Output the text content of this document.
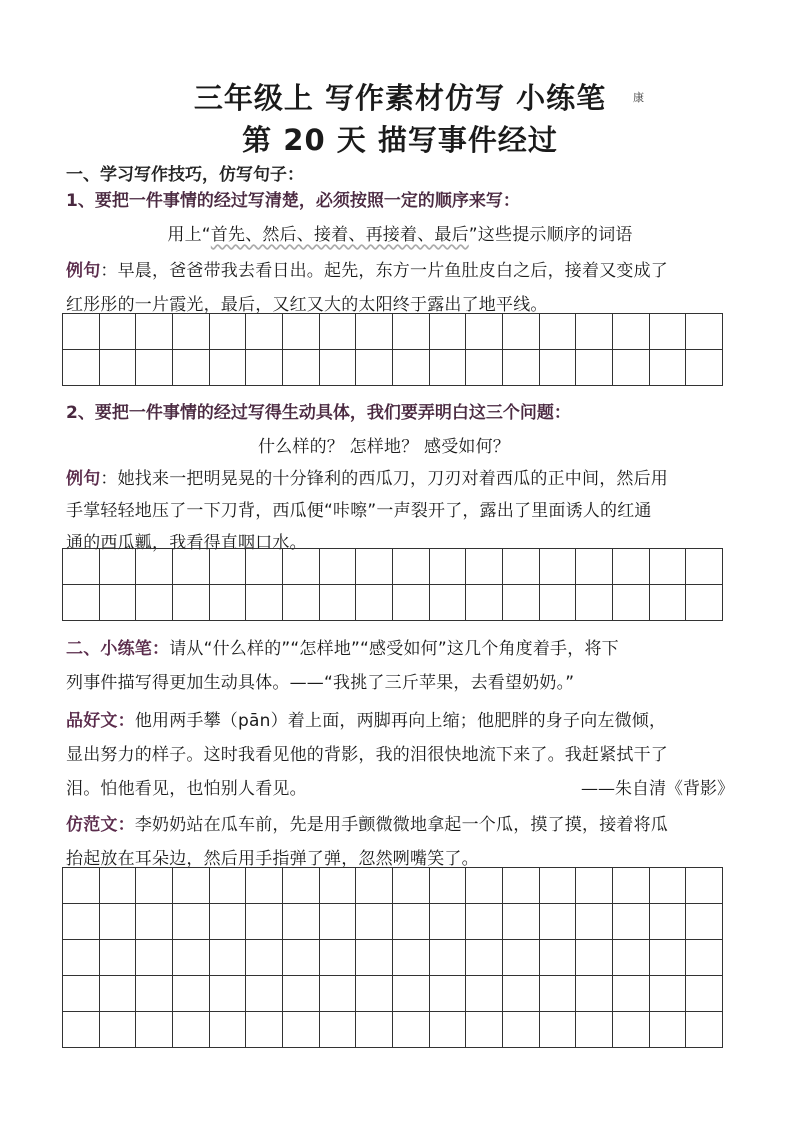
三年级上 写作素材仿写 小练笔	康
第 20 天 描写事件经过
一、学习写作技巧，仿写句子：
1、要把一件事情的经过写清楚，必须按照一定的顺序来写：
用上“首先、然后、接着、再接着、最后”这些提示顺序的词语
例句：早晨，爸爸带我去看日出。起先，东方一片鱼肚皮白之后，接着又变成了
红彤彤的一片霞光，最后，又红又大的太阳终于露出了地平线。
2、要把一件事情的经过写得生动具体，我们要弄明白这三个问题：
什么样的？ 怎样地？ 感受如何？
例句：她找来一把明晃晃的十分锋利的西瓜刀，刀刃对着西瓜的正中间，然后用
手掌轻轻地压了一下刀背，西瓜便“咔嚓”一声裂开了，露出了里面诱人的红通
通的西瓜瓤，我看得直咽口水。
二、小练笔：请从“什么样的”“怎样地”“感受如何”这几个角度着手，将下
列事件描写得更加生动具体。——“我挑了三斤苹果，去看望奶奶。”
品好文：他用两手攀（pān）着上面，两脚再向上缩；他肥胖的身子向左微倾，
显出努力的样子。这时我看见他的背影，我的泪很快地流下来了。我赶紧拭干了
泪。怕他看见，也怕别人看见。	——朱自清《背影》
仿范文：李奶奶站在瓜车前，先是用手颤微微地拿起一个瓜，摸了摸，接着将瓜
抬起放在耳朵边，然后用手指弹了弹，忽然咧嘴笑了。
